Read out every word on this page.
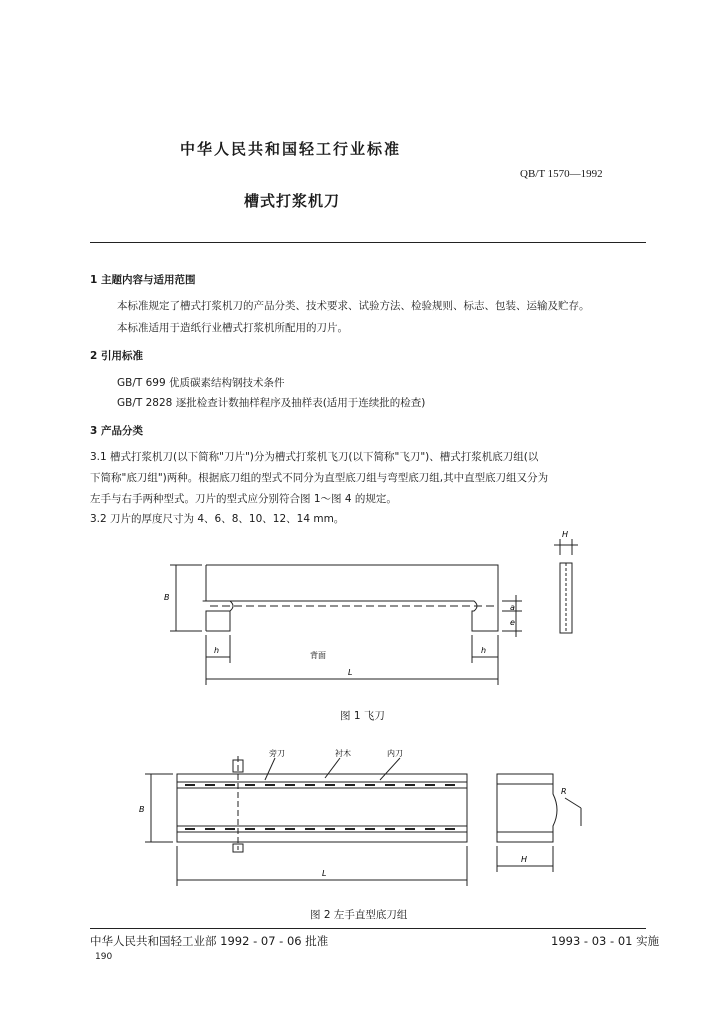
中华人民共和国轻工行业标准
QB/T 1570—1992
槽式打浆机刀
1 主题内容与适用范围
本标准规定了槽式打浆机刀的产品分类、技术要求、试验方法、检验规则、标志、包装、运输及贮存。
本标准适用于造纸行业槽式打浆机所配用的刀片。
2 引用标准
GB/T 699 优质碳素结构钢技术条件
GB/T 2828 逐批检查计数抽样程序及抽样表(适用于连续批的检查)
3 产品分类
3.1 槽式打浆机刀(以下简称"刀片")分为槽式打浆机飞刀(以下简称"飞刀")、槽式打浆机底刀组(以
下简称"底刀组")两种。根据底刀组的型式不同分为直型底刀组与弯型底刀组,其中直型底刀组又分为
左手与右手两种型式。刀片的型式应分别符合图 1～图 4 的规定。
3.2 刀片的厚度尺寸为 4、6、8、10、12、14 mm。
B
a
e
h	h
背面
L
H
图 1 飞刀
旁刀	衬木	内刀
B
L
R
H
图 2 左手直型底刀组
中华人民共和国轻工业部 1992 - 07 - 06 批准	1993 - 03 - 01 实施
190
